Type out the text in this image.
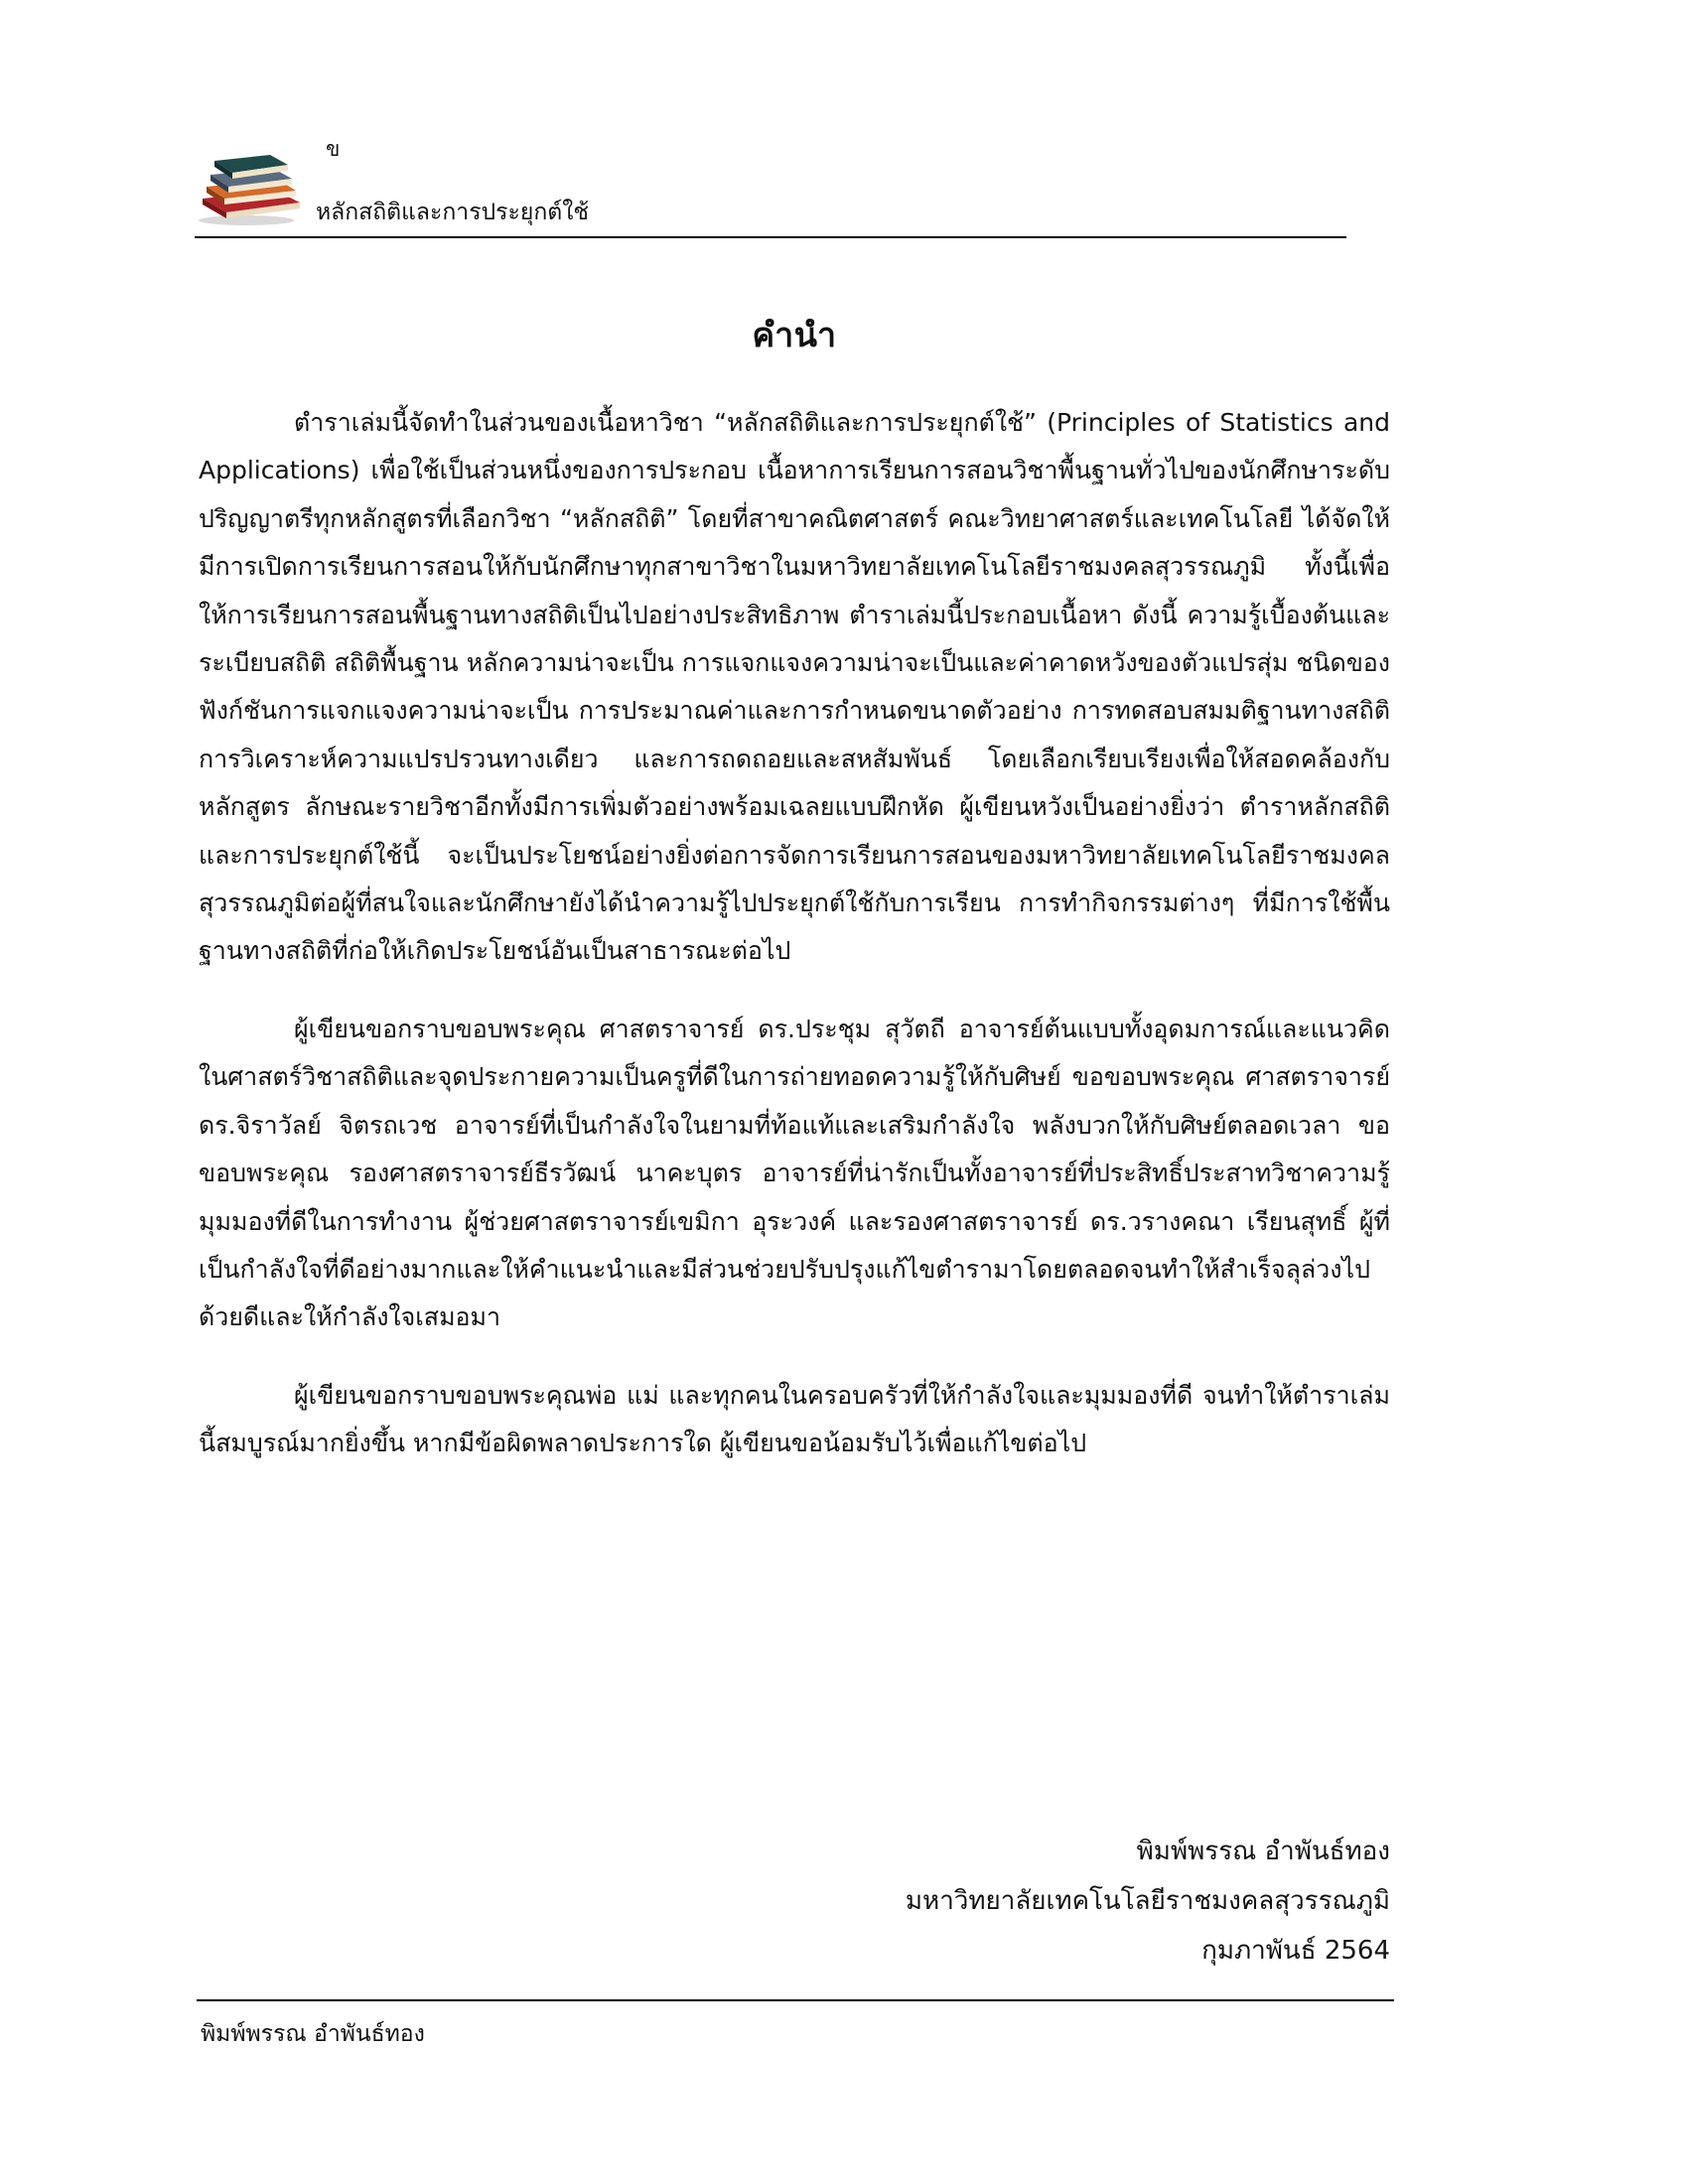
ข
หลักสถิติและการประยุกต์ใช้
คำนำ

ตำราเล่มนี้จัดทำในส่วนของเนื้อหาวิชา “หลักสถิติและการประยุกต์ใช้” (Principles of Statistics and Applications) เพื่อใช้เป็นส่วนหนึ่งของการประกอบ เนื้อหาการเรียนการสอนวิชาพื้นฐานทั่วไปของนักศึกษาระดับปริญญาตรีทุกหลักสูตรที่เลือกวิชา “หลักสถิติ” โดยที่สาขาคณิตศาสตร์ คณะวิทยาศาสตร์และเทคโนโลยี ได้จัดให้มีการเปิดการเรียนการสอนให้กับนักศึกษาทุกสาขาวิชาในมหาวิทยาลัยเทคโนโลยีราชมงคลสุวรรณภูมิ ทั้งนี้เพื่อให้การเรียนการสอนพื้นฐานทางสถิติเป็นไปอย่างประสิทธิภาพ ตำราเล่มนี้ประกอบเนื้อหา ดังนี้ ความรู้เบื้องต้นและระเบียบสถิติ สถิติพื้นฐาน หลักความน่าจะเป็น การแจกแจงความน่าจะเป็นและค่าคาดหวังของตัวแปรสุ่ม ชนิดของฟังก์ชันการแจกแจงความน่าจะเป็น การประมาณค่าและการกำหนดขนาดตัวอย่าง การทดสอบสมมติฐานทางสถิติ การวิเคราะห์ความแปรปรวนทางเดียว และการถดถอยและสหสัมพันธ์ โดยเลือกเรียบเรียงเพื่อให้สอดคล้องกับหลักสูตร ลักษณะรายวิชาอีกทั้งมีการเพิ่มตัวอย่างพร้อมเฉลยแบบฝึกหัด ผู้เขียนหวังเป็นอย่างยิ่งว่า ตำราหลักสถิติและการประยุกต์ใช้นี้ จะเป็นประโยชน์อย่างยิ่งต่อการจัดการเรียนการสอนของมหาวิทยาลัยเทคโนโลยีราชมงคลสุวรรณภูมิต่อผู้ที่สนใจและนักศึกษายังได้นำความรู้ไปประยุกต์ใช้กับการเรียน การทำกิจกรรมต่างๆ ที่มีการใช้พื้นฐานทางสถิติที่ก่อให้เกิดประโยชน์อันเป็นสาธารณะต่อไป

ผู้เขียนขอกราบขอบพระคุณ ศาสตราจารย์ ดร.ประชุม สุวัตถี อาจารย์ต้นแบบทั้งอุดมการณ์และแนวคิดในศาสตร์วิชาสถิติและจุดประกายความเป็นครูที่ดีในการถ่ายทอดความรู้ให้กับศิษย์ ขอขอบพระคุณ ศาสตราจารย์ ดร.จิราวัลย์ จิตรถเวช อาจารย์ที่เป็นกำลังใจในยามที่ท้อแท้และเสริมกำลังใจ พลังบวกให้กับศิษย์ตลอดเวลา ขอขอบพระคุณ รองศาสตราจารย์ธีรวัฒน์ นาคะบุตร อาจารย์ที่น่ารักเป็นทั้งอาจารย์ที่ประสิทธิ์ประสาทวิชาความรู้ มุมมองที่ดีในการทำงาน ผู้ช่วยศาสตราจารย์เขมิกา อุระวงค์ และรองศาสตราจารย์ ดร.วรางคณา เรียนสุทธิ์ ผู้ที่เป็นกำลังใจที่ดีอย่างมากและให้คำแนะนำและมีส่วนช่วยปรับปรุงแก้ไขตำรามาโดยตลอดจนทำให้สำเร็จลุล่วงไปด้วยดีและให้กำลังใจเสมอมา

ผู้เขียนขอกราบขอบพระคุณพ่อ แม่ และทุกคนในครอบครัวที่ให้กำลังใจและมุมมองที่ดี จนทำให้ตำราเล่มนี้สมบูรณ์มากยิ่งขึ้น หากมีข้อผิดพลาดประการใด ผู้เขียนขอน้อมรับไว้เพื่อแก้ไขต่อไป

พิมพ์พรรณ อำพันธ์ทอง
มหาวิทยาลัยเทคโนโลยีราชมงคลสุวรรณภูมิ
กุมภาพันธ์ 2564
พิมพ์พรรณ อำพันธ์ทอง
